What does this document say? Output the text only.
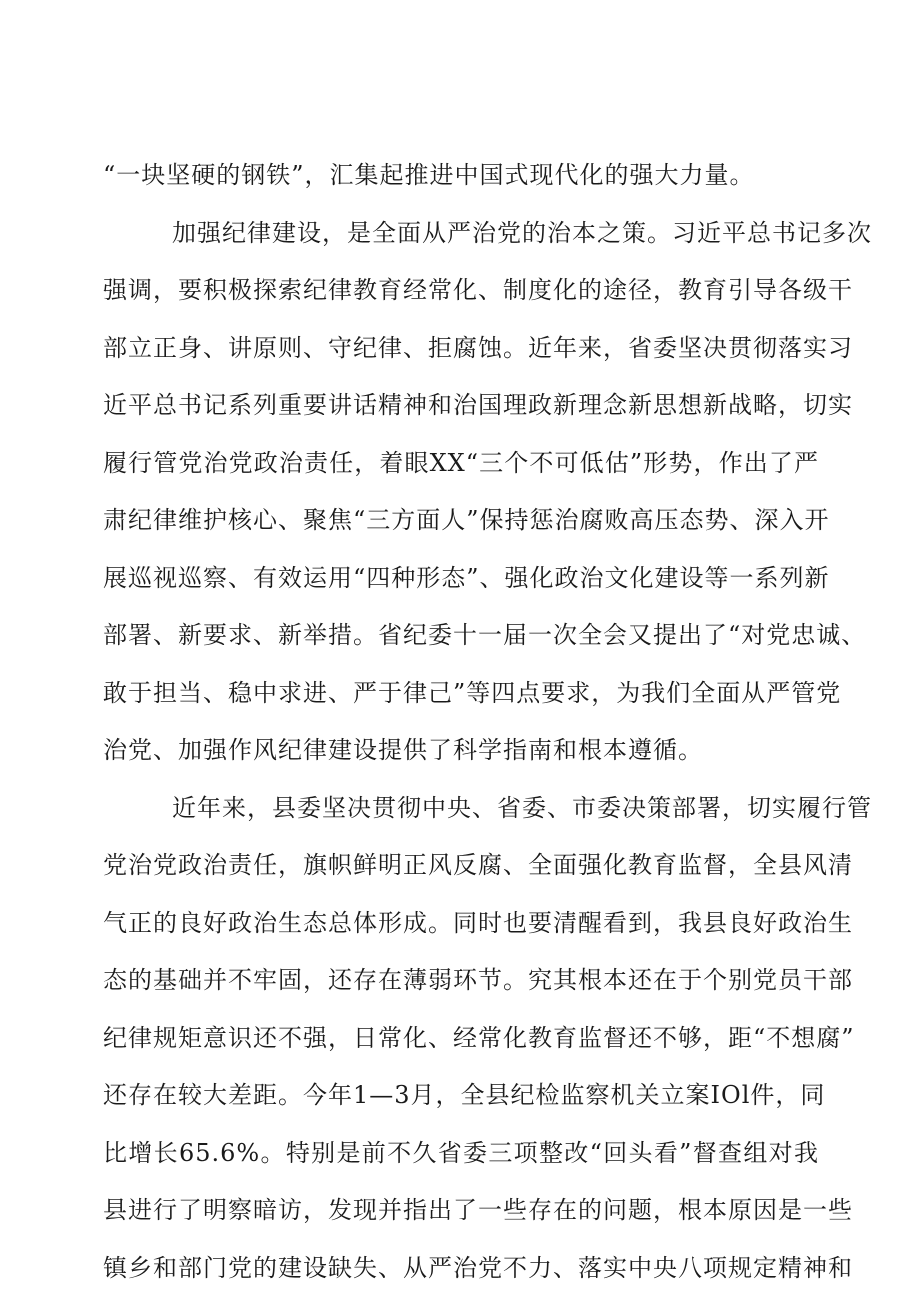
“一块坚硬的钢铁”，汇集起推进中国式现代化的强大力量。

加强纪律建设，是全面从严治党的治本之策。习近平总书记多次

强调，要积极探索纪律教育经常化、制度化的途径，教育引导各级干

部立正身、讲原则、守纪律、拒腐蚀。近年来，省委坚决贯彻落实习

近平总书记系列重要讲话精神和治国理政新理念新思想新战略，切实

履行管党治党政治责任，着眼XX“三个不可低估”形势，作出了严

肃纪律维护核心、聚焦“三方面人”保持惩治腐败高压态势、深入开

展巡视巡察、有效运用“四种形态”、强化政治文化建设等一系列新

部署、新要求、新举措。省纪委十一届一次全会又提出了“对党忠诚、

敢于担当、稳中求进、严于律己”等四点要求，为我们全面从严管党

治党、加强作风纪律建设提供了科学指南和根本遵循。

近年来，县委坚决贯彻中央、省委、市委决策部署，切实履行管

党治党政治责任，旗帜鲜明正风反腐、全面强化教育监督，全县风清

气正的良好政治生态总体形成。同时也要清醒看到，我县良好政治生

态的基础并不牢固，还存在薄弱环节。究其根本还在于个别党员干部

纪律规矩意识还不强，日常化、经常化教育监督还不够，距“不想腐”

还存在较大差距。今年1—3月，全县纪检监察机关立案IOl件，同

比增长65.6%。特别是前不久省委三项整改“回头看”督查组对我

县进行了明察暗访，发现并指出了一些存在的问题，根本原因是一些

镇乡和部门党的建设缺失、从严治党不力、落实中央八项规定精神和
